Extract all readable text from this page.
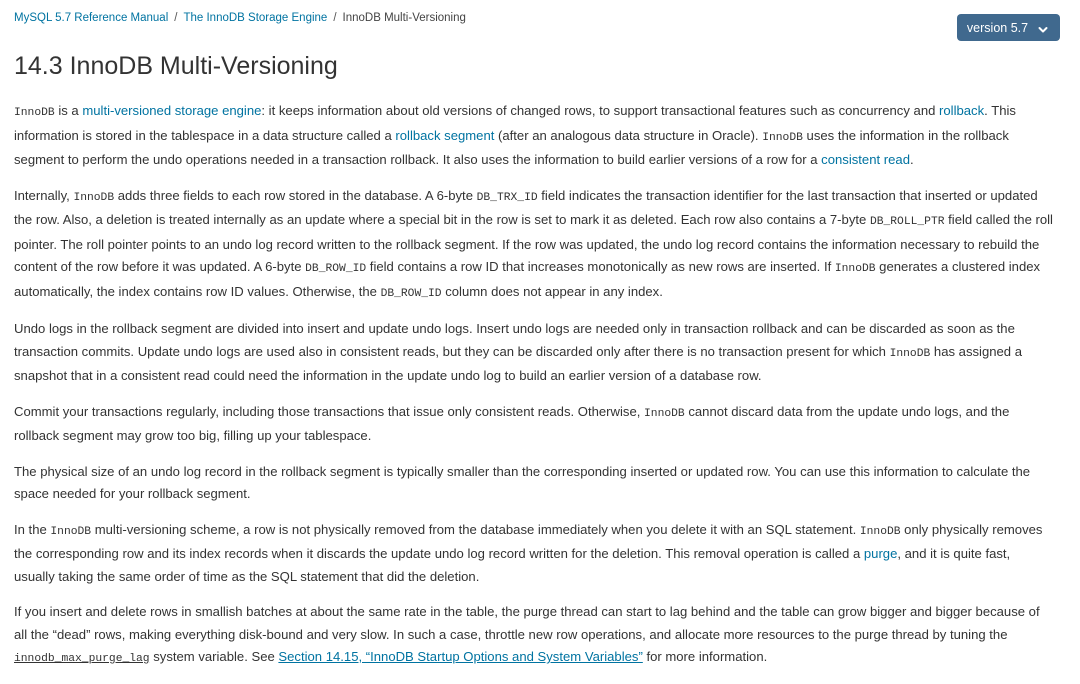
MySQL 5.7 Reference Manual / The InnoDB Storage Engine / InnoDB Multi-Versioning
version 5.7
14.3 InnoDB Multi-Versioning

InnoDB is a multi-versioned storage engine: it keeps information about old versions of changed rows, to support transactional features such as concurrency and rollback. This information is stored in the tablespace in a data structure called a rollback segment (after an analogous data structure in Oracle). InnoDB uses the information in the rollback segment to perform the undo operations needed in a transaction rollback. It also uses the information to build earlier versions of a row for a consistent read.

Internally, InnoDB adds three fields to each row stored in the database. A 6-byte DB_TRX_ID field indicates the transaction identifier for the last transaction that inserted or updated the row. Also, a deletion is treated internally as an update where a special bit in the row is set to mark it as deleted. Each row also contains a 7-byte DB_ROLL_PTR field called the roll pointer. The roll pointer points to an undo log record written to the rollback segment. If the row was updated, the undo log record contains the information necessary to rebuild the content of the row before it was updated. A 6-byte DB_ROW_ID field contains a row ID that increases monotonically as new rows are inserted. If InnoDB generates a clustered index automatically, the index contains row ID values. Otherwise, the DB_ROW_ID column does not appear in any index.

Undo logs in the rollback segment are divided into insert and update undo logs. Insert undo logs are needed only in transaction rollback and can be discarded as soon as the transaction commits. Update undo logs are used also in consistent reads, but they can be discarded only after there is no transaction present for which InnoDB has assigned a snapshot that in a consistent read could need the information in the update undo log to build an earlier version of a database row.

Commit your transactions regularly, including those transactions that issue only consistent reads. Otherwise, InnoDB cannot discard data from the update undo logs, and the rollback segment may grow too big, filling up your tablespace.

The physical size of an undo log record in the rollback segment is typically smaller than the corresponding inserted or updated row. You can use this information to calculate the space needed for your rollback segment.

In the InnoDB multi-versioning scheme, a row is not physically removed from the database immediately when you delete it with an SQL statement. InnoDB only physically removes the corresponding row and its index records when it discards the update undo log record written for the deletion. This removal operation is called a purge, and it is quite fast, usually taking the same order of time as the SQL statement that did the deletion.

If you insert and delete rows in smallish batches at about the same rate in the table, the purge thread can start to lag behind and the table can grow bigger and bigger because of all the “dead” rows, making everything disk-bound and very slow. In such a case, throttle new row operations, and allocate more resources to the purge thread by tuning the innodb_max_purge_lag system variable. See Section 14.15, “InnoDB Startup Options and System Variables” for more information.
